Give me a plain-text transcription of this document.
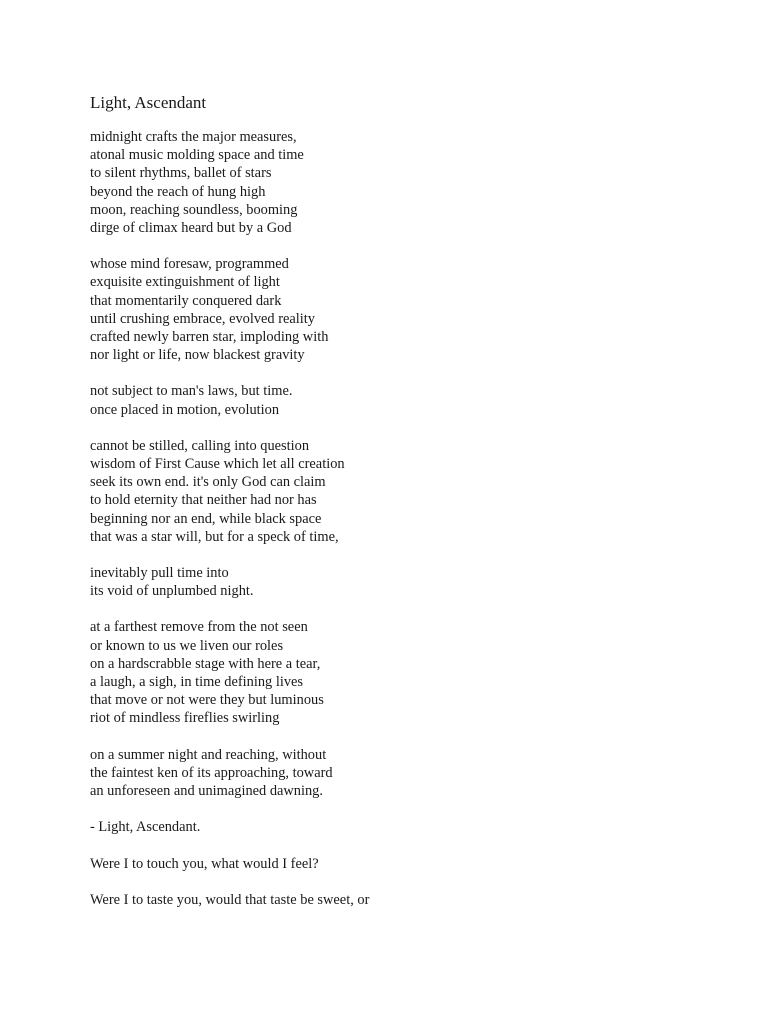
Light, Ascendant
midnight crafts the major measures,
atonal music molding space and time
to silent rhythms, ballet of stars
beyond the reach of hung high
moon, reaching soundless, booming
dirge of climax heard but by a God
whose mind foresaw, programmed
exquisite extinguishment of light
that momentarily conquered dark
until crushing embrace, evolved reality
crafted newly barren star, imploding with
nor light or life, now blackest gravity
not subject to man's laws, but time.
once placed in motion, evolution
cannot be stilled, calling into question
wisdom of First Cause which let all creation
seek its own end. it's only God can claim
to hold eternity that neither had nor has
beginning nor an end, while black space
that was a star will, but for a speck of time,
inevitably pull time into
its void of unplumbed night.
at a farthest remove from the not seen
or known to us we liven our roles
on a hardscrabble stage with here a tear,
a laugh, a sigh, in time defining lives
that move or not were they but luminous
riot of mindless fireflies swirling
on a summer night and reaching, without
the faintest ken of its approaching, toward
an unforeseen and unimagined dawning.
- Light, Ascendant.
Were I to touch you, what would I feel?
Were I to taste you, would that taste be sweet, or
